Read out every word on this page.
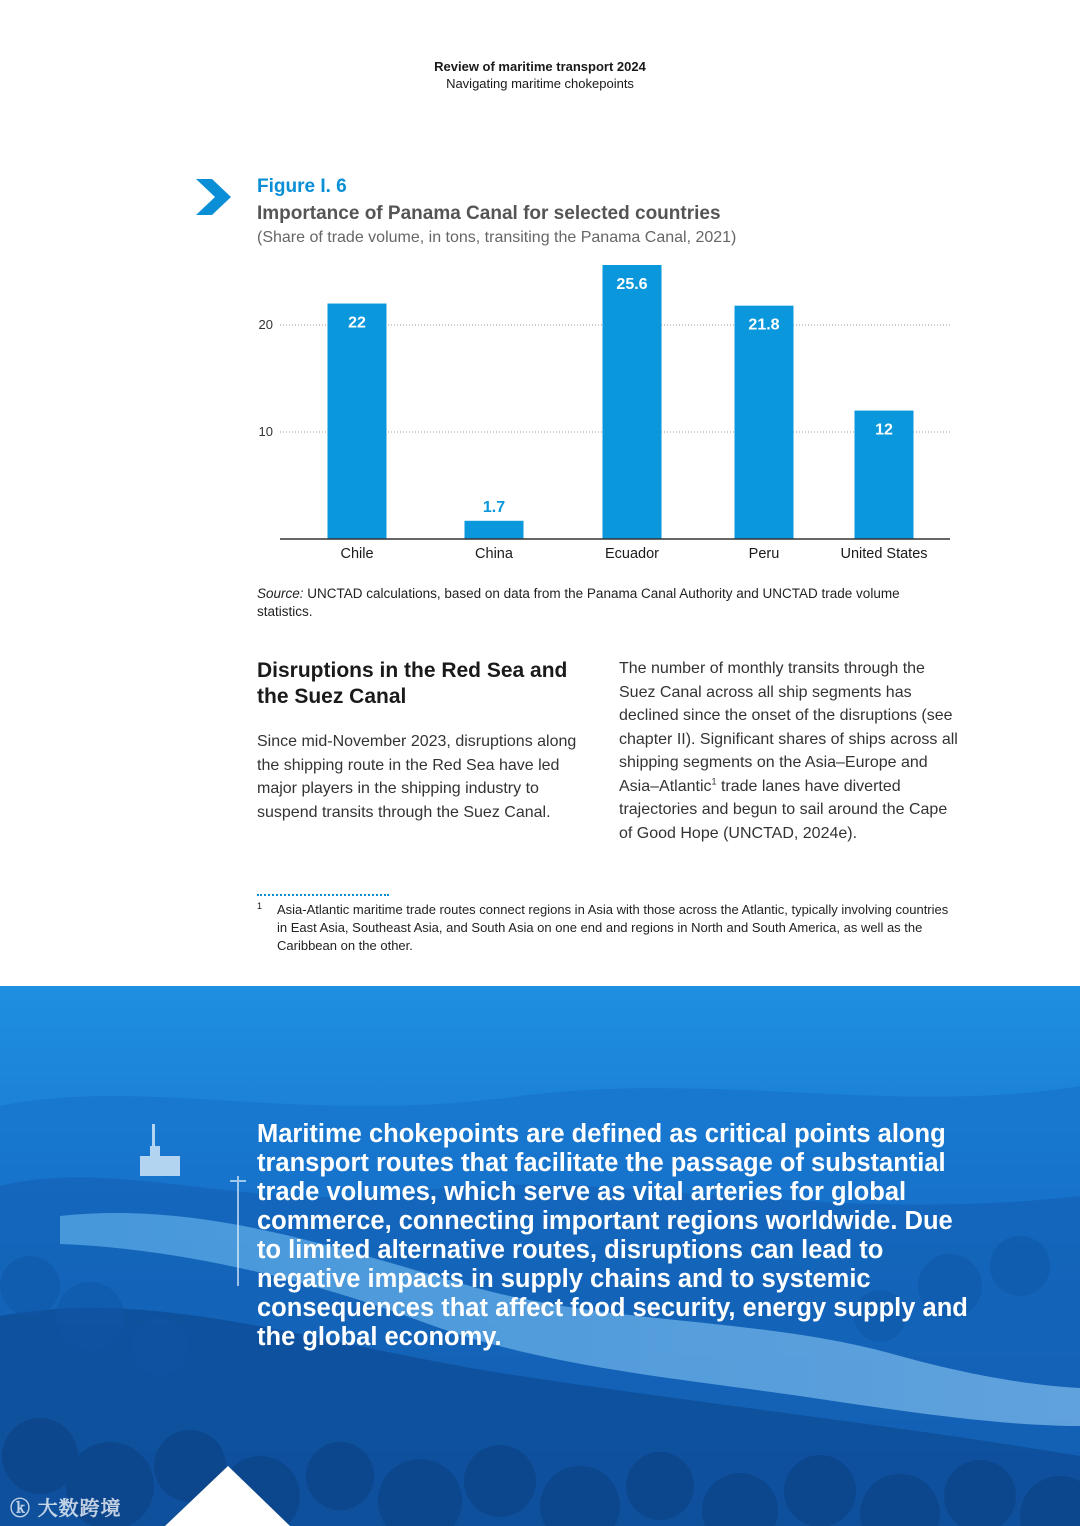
Review of maritime transport 2024
Navigating maritime chokepoints
Figure I. 6
Importance of Panama Canal for selected countries
(Share of trade volume, in tons, transiting the Panama Canal, 2021)
10
20	22
Chile
1.7
China
25.6
Ecuador
21.8
Peru
12
United States
Source: UNCTAD calculations, based on data from the Panama Canal Authority and UNCTAD trade volume statistics.
Disruptions in the Red Sea and the Suez Canal
Since mid-November 2023, disruptions along the shipping route in the Red Sea have led major players in the shipping industry to suspend transits through the Suez Canal.
The number of monthly transits through the Suez Canal across all ship segments has declined since the onset of the disruptions (see chapter II). Significant shares of ships across all shipping segments on the Asia–Europe and Asia–Atlantic$^1$ trade lanes have diverted trajectories and begun to sail around the Cape of Good Hope (UNCTAD, 2024e).
1 Asia-Atlantic maritime trade routes connect regions in Asia with those across the Atlantic, typically involving countries in East Asia, Southeast Asia, and South Asia on one end and regions in North and South America, as well as the Caribbean on the other.
Maritime chokepoints are defined as critical points along transport routes that facilitate the passage of substantial trade volumes, which serve as vital arteries for global commerce, connecting important regions worldwide. Due to limited alternative routes, disruptions can lead to negative impacts in supply chains and to systemic consequences that affect food security, energy supply and the global economy.
ⓚ 大数跨境
